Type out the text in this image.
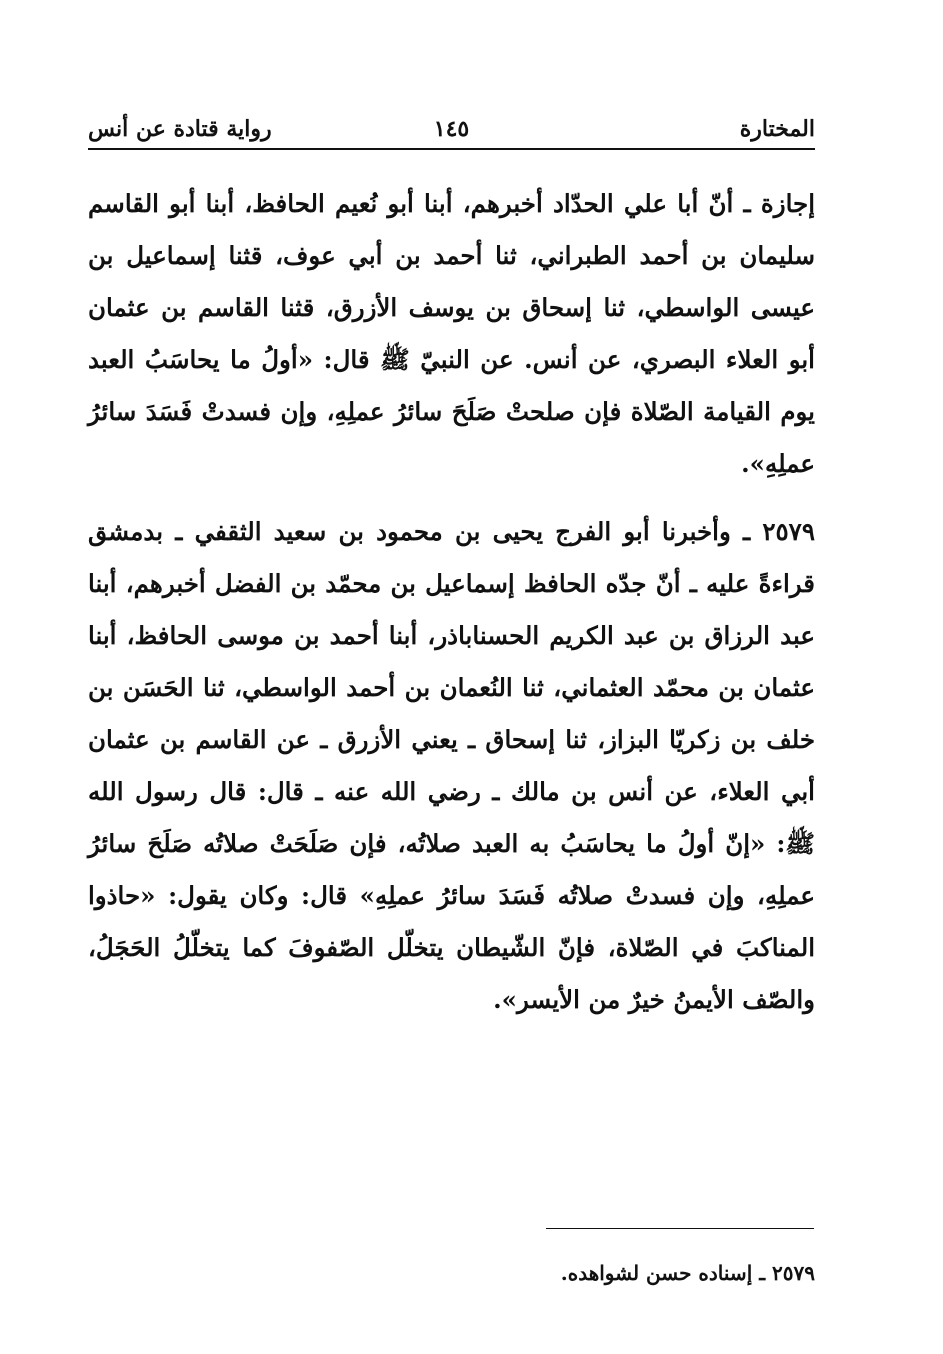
المختارة
١٤٥
رواية قتادة عن أنس

إجازة ـ أنّ أبا علي الحدّاد أخبرهم، أبنا أبو نُعيم الحافظ، أبنا أبو القاسم سليمان بن أحمد الطبراني، ثنا أحمد بن أبي عوف، قثنا إسماعيل بن عيسى الواسطي، ثنا إسحاق بن يوسف الأزرق، قثنا القاسم بن عثمان أبو العلاء البصري، عن أنس. عن النبيّ ﷺ قال: «أولُ ما يحاسَبُ العبد يوم القيامة الصّلاة فإن صلحتْ صَلَحَ سائرُ عملِهِ، وإن فسدتْ فَسَدَ سائرُ عملِهِ».

٢٥٧٩ ـ وأخبرنا أبو الفرج يحيى بن محمود بن سعيد الثقفي ـ بدمشق قراءةً عليه ـ أنّ جدّه الحافظ إسماعيل بن محمّد بن الفضل أخبرهم، أبنا عبد الرزاق بن عبد الكريم الحسناباذر، أبنا أحمد بن موسى الحافظ، أبنا عثمان بن محمّد العثماني، ثنا النُعمان بن أحمد الواسطي، ثنا الحَسَن بن خلف بن زكريّا البزاز، ثنا إسحاق ـ يعني الأزرق ـ عن القاسم بن عثمان أبي العلاء، عن أنس بن مالك ـ رضي الله عنه ـ قال: قال رسول الله ﷺ: «إنّ أولُ ما يحاسَبُ به العبد صلاتُه، فإن صَلَحَتْ صلاتُه صَلَحَ سائرُ عملِهِ، وإن فسدتْ صلاتُه فَسَدَ سائرُ عملِهِ» قال: وكان يقول: «حاذوا المناكبَ في الصّلاة، فإنّ الشّيطان يتخلّل الصّفوفَ كما يتخلّلُ الحَجَلُ، والصّف الأيمنُ خيرٌ من الأيسر».

٢٥٧٩ ـ إسناده حسن لشواهده.
